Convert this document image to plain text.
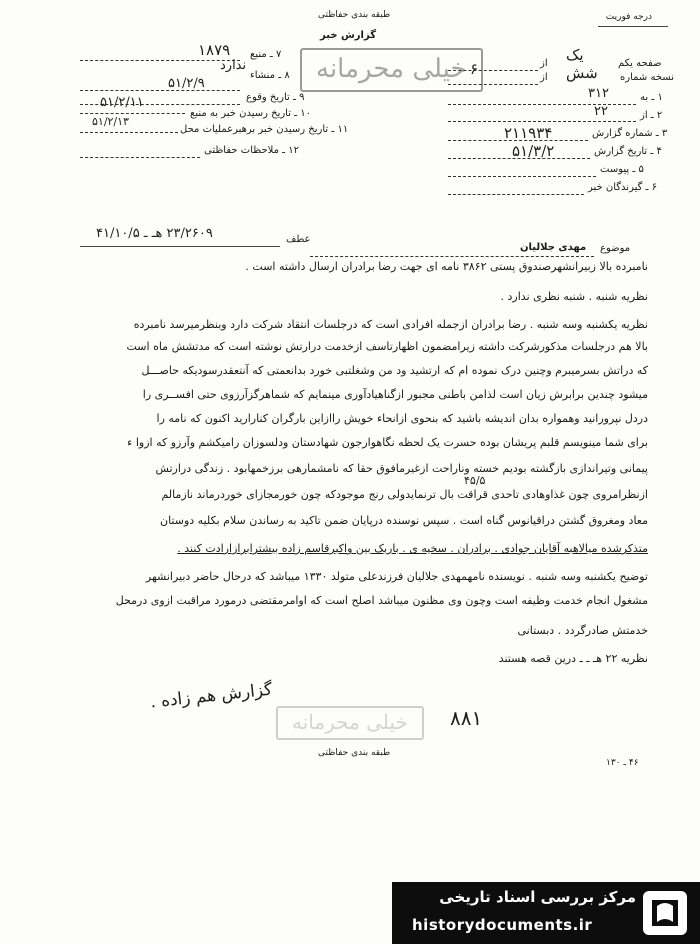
درجه فوریت
طبقه بندی حفاظتی
گزارش خبر
خیلی محرمانه
۱۸۷۹ ۷ ـ منبع
ندارد
۵۱/۲/۹
۸ ـ منشاء
۹ ـ تاریخ وقوع
۵۱/۲/۱۱
۱۰ ـ تاریخ رسیدن خبر به منبع
۵۱/۲/۱۳
۱۱ ـ تاریخ رسیدن خبر برهبرعملیات محل
۱۲ ـ ملاحظات حفاظتی
صفحه یکم
از یک
نسخه شماره
از شش
۶
۱ ـ به
۳۱۲
۲ ـ از
۲۲
۳ ـ شماره گزارش
۲۱۱۹۳۴
۴ ـ تاریخ گزارش
۵۱/۳/۲
۵ ـ پیوست
۶ ـ گیرندگان خبر
عطف
۲۳/۲۶۰۹ هـ ـ ۴۱/۱۰/۵
موضوع
مهدی جلالیان
نامبرده بالا زبیرانشهرصندوق پستی ۳۸۶۲ نامه ای جهت رضا برادران ارسال داشته است .
نظریه شنبه . شنبه نظری ندارد .
نظریه یکشنبه وسه شنبه . رضا برادران ازجمله افرادی است که درجلسات انتقاد شرکت دارد وبنظرمیرسد نامبرده
بالا هم درجلسات مذکورشرکت داشته زیرامضمون اظهارتاسف ازخدمت درارتش نوشته است که مدتشش ماه است
که دراتش بسرمیبرم وچنین درک نموده ام که ارتشید ود من وشغلتبی خورد بدانعمتی که آنتعقدرسودیکه حاصـــل
میشود چندین برابرش زیان است لذامن باطنی مجبور ازگناهیادآوری مینمایم که شماهرگزآرزوی حتی افســری را
دردل نپرورانید وهمواره بدان اندیشه باشید که بنحوی ازانحاء خویش راازاین بارگران کنارارید اکنون که نامه را
برای شما مینویسم قلبم پریشان بوده حسرت یک لحظه نگاهوارجون شهادستان ودلسوزان رامیکشم وآرزو که ازوا ء
پیمانی وتیراندازی بازگشته بودیم خسته وناراحت ازغیرمافوق حقا که نامشمارهی برزخمهابود . زندگی درارتش
۴۵/۵
ازنظرامروی چون غذاوهادی تاحدی قراقت بال ترنمایدولی رنج موجودکه چون خورمجازای خوردرماند نازمالم
معاد ومغروق گشتن دراقیانوس گناه است . سپس نوسنده درپایان ضمن تاکید به رساندن سلام بکلیه دوستان
متذکرشده میالاهبه آقایان جوادی . برادران . سخیه ی . باریک بین واکبرقاسم زاده بیشترابرازارادت کنند .
توضیح یکشنبه وسه شنبه . نویسنده نامهمهدی جلالیان فرزندعلی متولد ۱۳۳۰ میباشد که درحال حاضر دبیرانشهر
مشغول انجام خدمت وظیفه است وچون وی مظنون میباشد اصلح است که اوامرمقتضی درمورد مراقبت ازوی درمحل
خدمتش صادرگردد . دبستانی
نظریه ۲۲ هـ ـ ـ درین قصه هستند
گزارش هم زاده .
خیلی محرمانه	۸۸۱
طبقه بندی حفاظتی
۴۶ ـ ۱۳۰
مرکز بررسی اسناد تاریخی
historydocuments.ir
